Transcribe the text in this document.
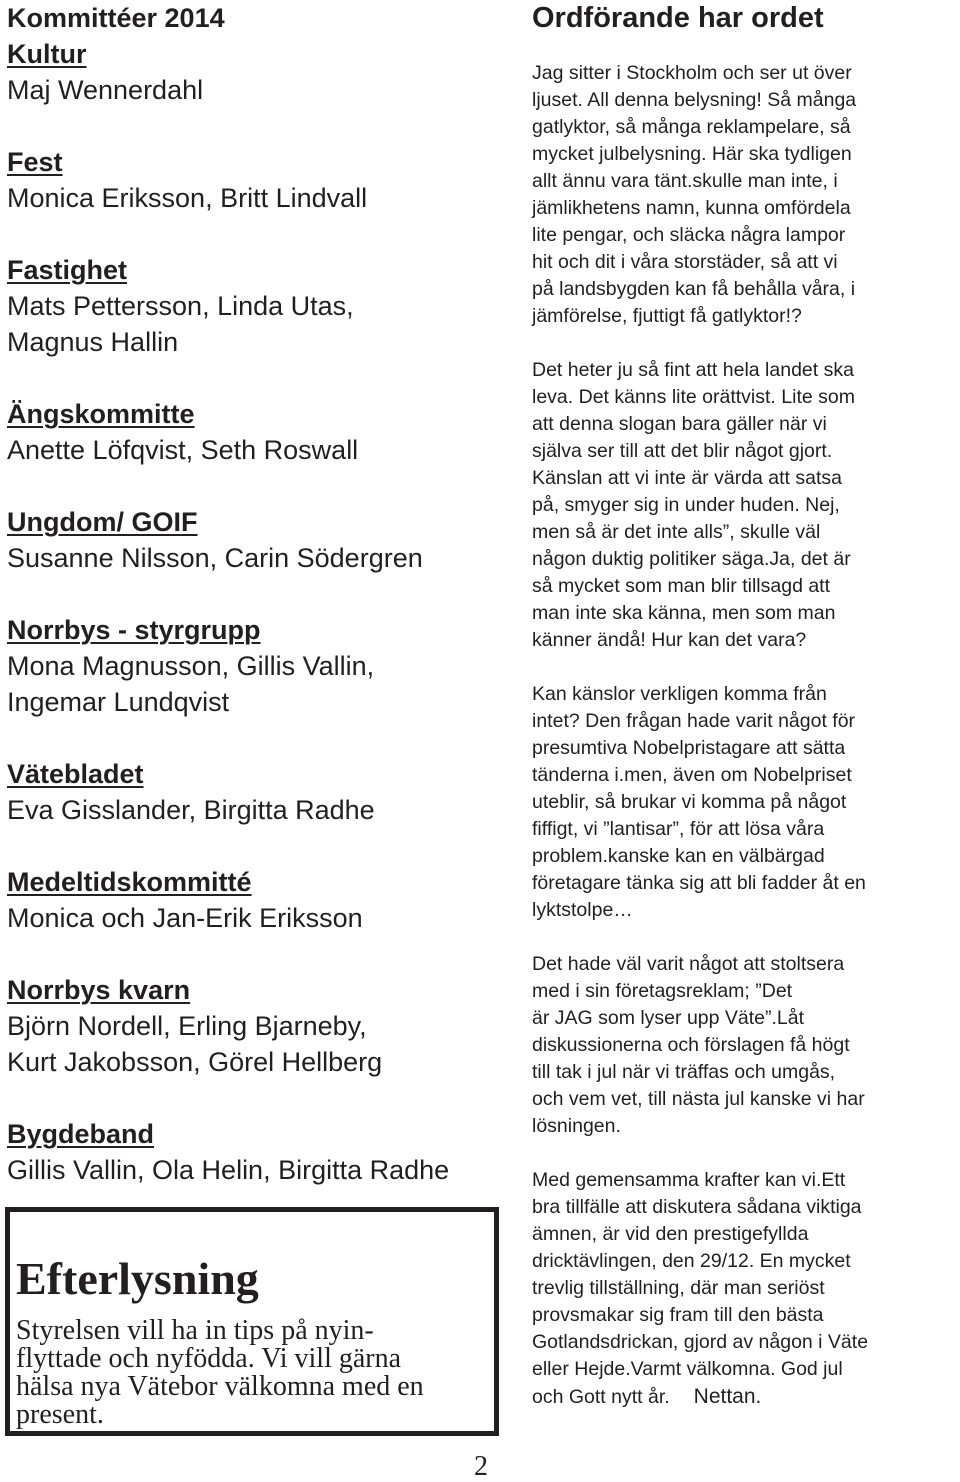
Kommittéer 2014
Kultur
Maj Wennerdahl
Fest
Monica Eriksson, Britt Lindvall
Fastighet
Mats Pettersson, Linda Utas,
Magnus Hallin
Ängskommitte
Anette Löfqvist, Seth Roswall
Ungdom/ GOIF
Susanne Nilsson, Carin Södergren
Norrbys - styrgrupp
Mona Magnusson, Gillis Vallin,
Ingemar Lundqvist
Vätebladet
Eva Gisslander, Birgitta Radhe
Medeltidskommitté
Monica och Jan-Erik Eriksson
Norrbys kvarn
Björn Nordell, Erling Bjarneby,
Kurt Jakobsson, Görel Hellberg
Bygdeband
Gillis Vallin, Ola Helin, Birgitta Radhe
Efterlysning
Styrelsen vill ha in tips på nyin-
flyttade och nyfödda. Vi vill gärna
hälsa nya Vätebor välkomna med en
present.
2
Ordförande har ordet

Jag sitter i Stockholm och ser ut över
ljuset. All denna belysning! Så många
gatlyktor, så många reklampelare, så
mycket julbelysning. Här ska tydligen
allt ännu vara tänt.skulle man inte, i
jämlikhetens namn, kunna omfördela
lite pengar, och släcka några lampor
hit och dit i våra storstäder, så att vi
på landsbygden kan få behålla våra, i
jämförelse, fjuttigt få gatlyktor!?

Det heter ju så fint att hela landet ska
leva. Det känns lite orättvist. Lite som
att denna slogan bara gäller när vi
själva ser till att det blir något gjort.
Känslan att vi inte är värda att satsa
på, smyger sig in under huden. Nej,
men så är det inte alls”, skulle väl
någon duktig politiker säga.Ja, det är
så mycket som man blir tillsagd att
man inte ska känna, men som man
känner ändå! Hur kan det vara?

Kan känslor verkligen komma från
intet? Den frågan hade varit något för
presumtiva Nobelpristagare att sätta
tänderna i.men, även om Nobelpriset
uteblir, så brukar vi komma på något
fiffigt, vi ”lantisar”, för att lösa våra
problem.kanske kan en välbärgad
företagare tänka sig att bli fadder åt en
lyktstolpe…

Det hade väl varit något att stoltsera
med i sin företagsreklam; ”Det
är JAG som lyser upp Väte”.Låt
diskussionerna och förslagen få högt
till tak i jul när vi träffas och umgås,
och vem vet, till nästa jul kanske vi har
lösningen.

Med gemensamma krafter kan vi.Ett
bra tillfälle att diskutera sådana viktiga
ämnen, är vid den prestigefyllda
dricktävlingen, den 29/12. En mycket
trevlig tillställning, där man seriöst
provsmakar sig fram till den bästa
Gotlandsdrickan, gjord av någon i Väte
eller Hejde.Varmt välkomna. God jul
och Gott nytt år. Nettan.
